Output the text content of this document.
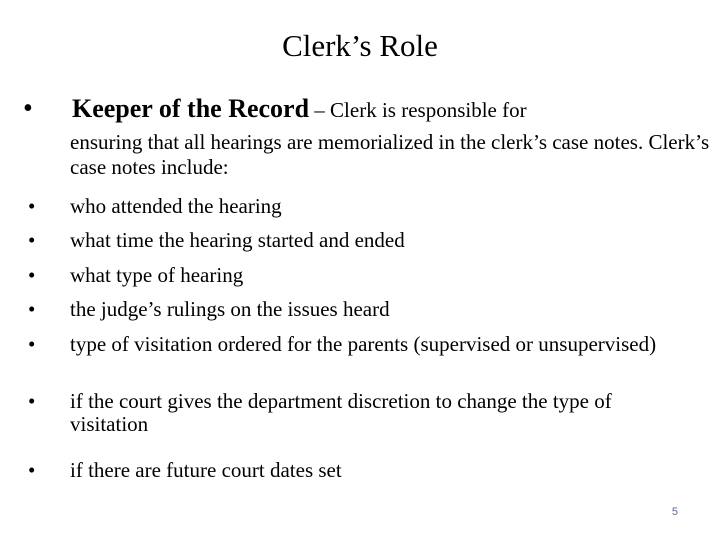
Clerk’s Role
• Keeper of the Record – Clerk is responsible for
ensuring that all hearings are memorialized in the clerk’s case notes. Clerk’s case notes include:
• who attended the hearing
• what time the hearing started and ended
• what type of hearing
• the judge’s rulings on the issues heard
• type of visitation ordered for the parents (supervised or unsupervised)
• if the court gives the department discretion to change the type of visitation
• if there are future court dates set
5
